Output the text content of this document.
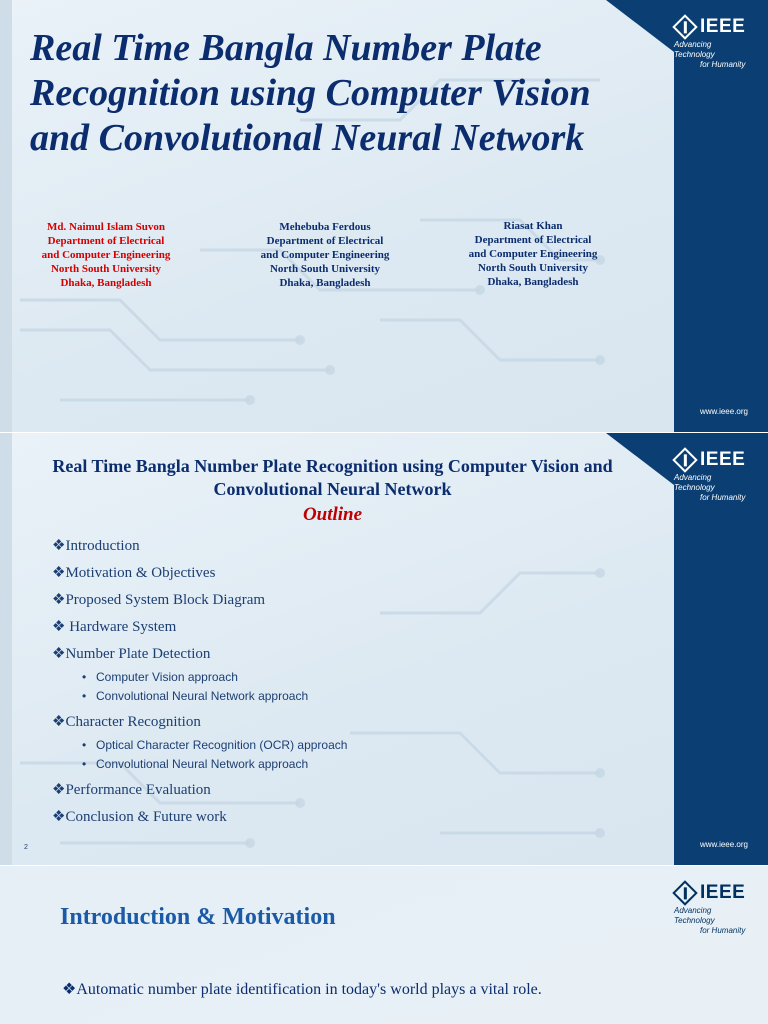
IEEE
Advancing Technology
for Humanity
www.ieee.org
Real Time Bangla Number Plate Recognition using Computer Vision and Convolutional Neural Network
Md. Naimul Islam Suvon
Department of Electrical
and Computer Engineering
North South University
Dhaka, Bangladesh
Mehebuba Ferdous
Department of Electrical
and Computer Engineering
North South University
Dhaka, Bangladesh
Riasat Khan
Department of Electrical
and Computer Engineering
North South University
Dhaka, Bangladesh
IEEE
Advancing Technology
for Humanity
www.ieee.org
Real Time Bangla Number Plate Recognition using Computer Vision and Convolutional Neural Network
Outline
❖Introduction
❖Motivation & Objectives
❖Proposed System Block Diagram
❖ Hardware System
❖Number Plate Detection
• Computer Vision approach
• Convolutional Neural Network approach
❖Character Recognition
• Optical Character Recognition (OCR) approach
• Convolutional Neural Network approach
❖Performance Evaluation
❖Conclusion & Future work
2
IEEE
Advancing Technology
for Humanity
Introduction & Motivation
❖Automatic number plate identification in today's world plays a vital role.
